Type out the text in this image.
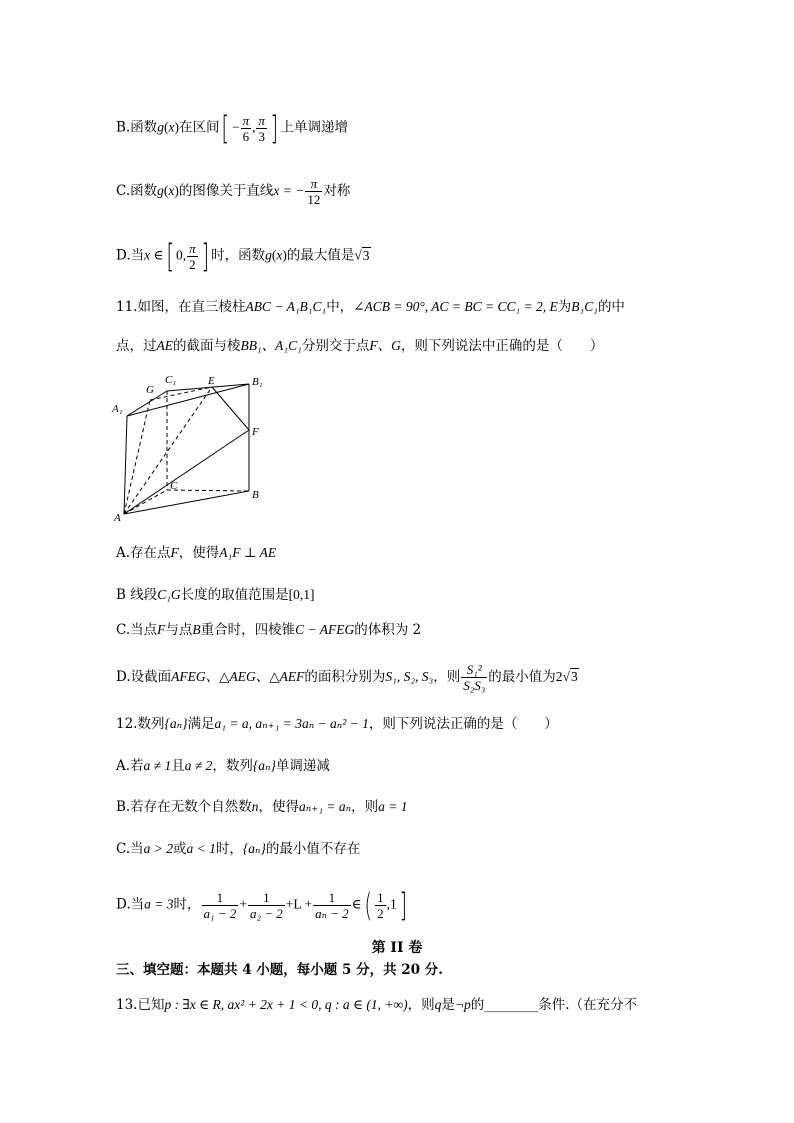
B.函数g(x)在区间[ − $\frac{\pi}{6}$ , $\frac{\pi}{3}$ ] 上单调递增
C.函数g(x)的图像关于直线x = − $\frac{\pi}{12}$ 对称
D.当x ∈[ 0, $\frac{\pi}{2}$ ] 时，函数g(x)的最大值是√3
11.如图，在直三棱柱ABC − A₁B₁C₁中，∠ACB = 90°, AC = BC = CC₁ = 2, E为B₁C₁的中
点，过AE的截面与棱BB₁、A₁C₁分别交于点F、G，则下列说法中正确的是（　　）
G
C₁	E	B₁
A₁
F
C
B
A
A.存在点F，使得A₁F ⊥ AE
B 线段C₁G长度的取值范围是[0,1]
C.当点F与点B重合时，四棱锥C − AFEG的体积为 2
D.设截面AFEG、△AEG、△AEF的面积分别为S₁, S₂, S₃，则 $\frac{\text{S₁²}}{\text{S₂S₃}}$ 的最小值为2√3
12.数列{aₙ}满足a₁ = a, aₙ₊₁ = 3aₙ − aₙ² − 1，则下列说法正确的是（　　）
A.若a ≠ 1且a ≠ 2，数列{aₙ}单调递减
B.若存在无数个自然数n，使得aₙ₊₁ = aₙ，则a = 1
C.当a > 2或a < 1时，{aₙ}的最小值不存在
D.当a = 3时， $\frac{1}{\text{a₁ − 2}} + \frac{1}{\text{a₂ − 2}} +L + \frac{1}{\text{aₙ − 2}}$ ∈( $\frac{1}{2} ,1$]
第 II 卷
三、填空题：本题共 4 小题，每小题 5 分，共 20 分.
13.已知p : ∃x ∈ R, ax² + 2x + 1 < 0, q : a ∈ (1, +∞)，则q是¬p的________条件.（在充分不
